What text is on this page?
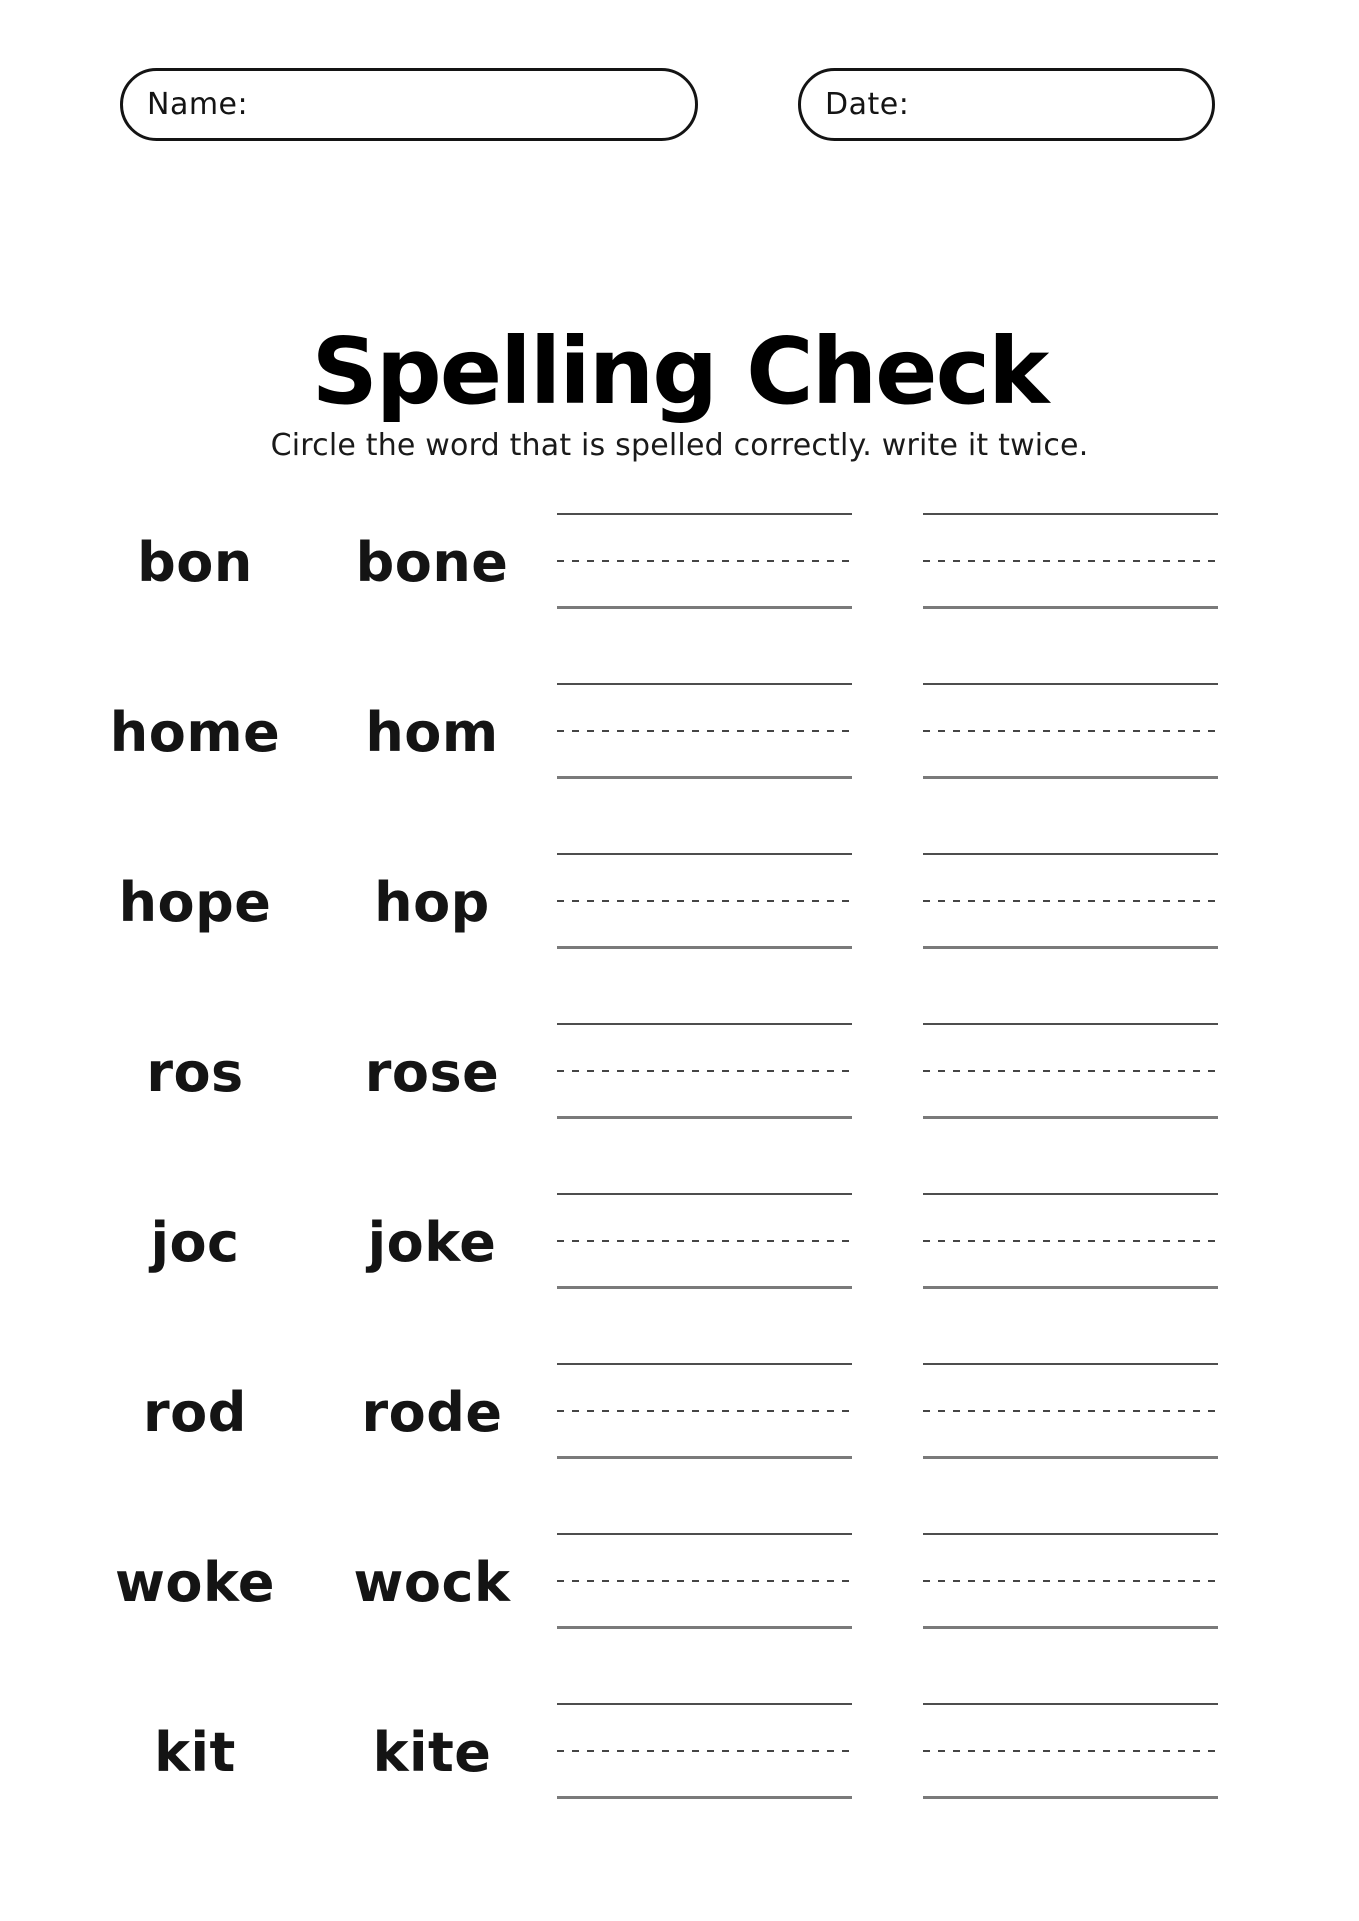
Name:	Date:
Spelling Check

Circle the word that is spelled correctly. write it twice.

bon	bone
home	hom
hope	hop
ros	rose
joc	joke
rod	rode
woke	wock
kit	kite
